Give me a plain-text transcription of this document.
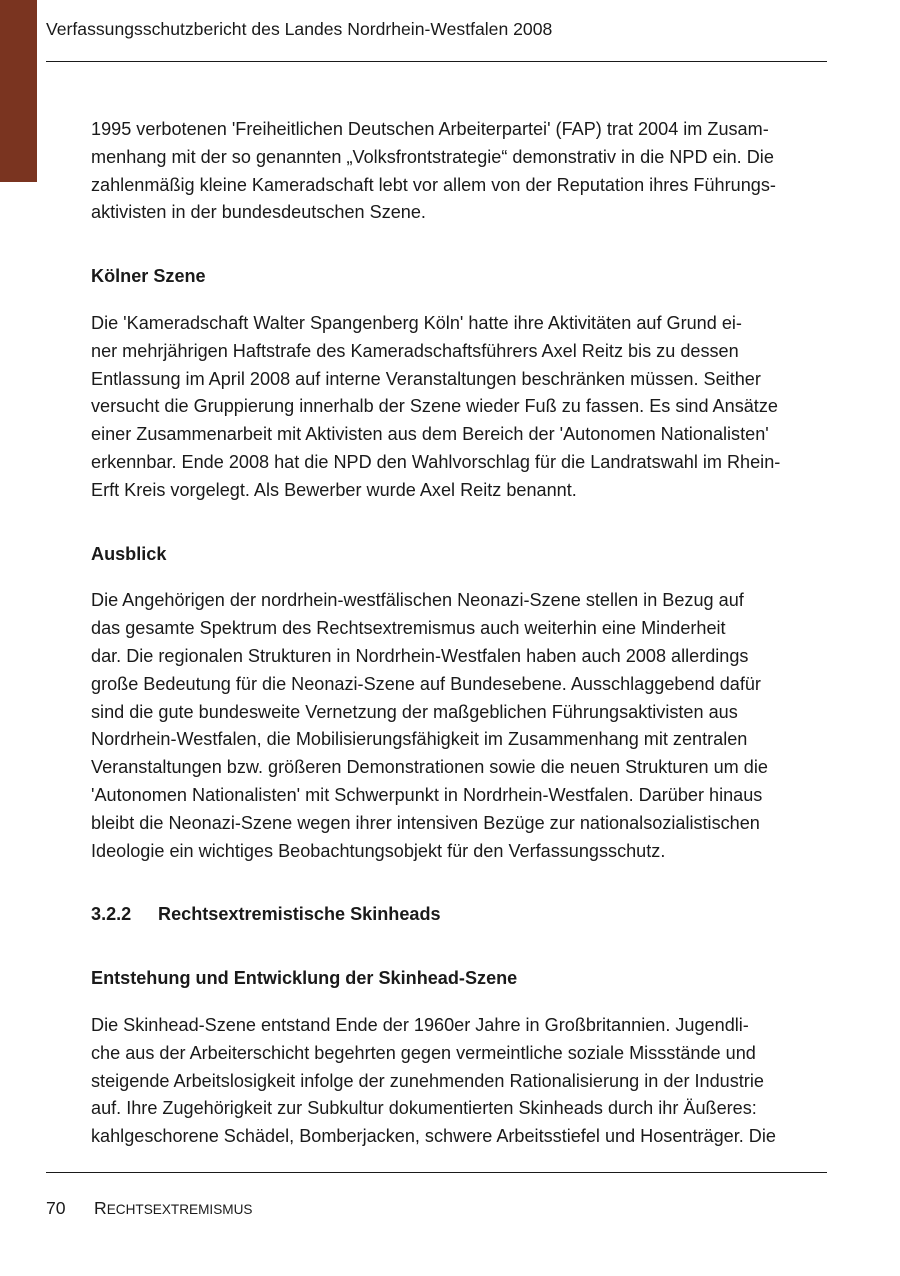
Verfassungsschutzbericht des Landes Nordrhein-Westfalen 2008
1995 verbotenen 'Freiheitlichen Deutschen Arbeiterpartei' (FAP) trat 2004 im Zusam-
menhang mit der so genannten „Volksfrontstrategie“ demonstrativ in die NPD ein. Die
zahlenmäßig kleine Kameradschaft lebt vor allem von der Reputation ihres Führungs-
aktivisten in der bundesdeutschen Szene.
Kölner Szene
Die 'Kameradschaft Walter Spangenberg Köln' hatte ihre Aktivitäten auf Grund ei-
ner mehrjährigen Haftstrafe des Kameradschaftsführers Axel Reitz bis zu dessen
Entlassung im April 2008 auf interne Veranstaltungen beschränken müssen. Seither
versucht die Gruppierung innerhalb der Szene wieder Fuß zu fassen. Es sind Ansätze
einer Zusammenarbeit mit Aktivisten aus dem Bereich der 'Autonomen Nationalisten'
erkennbar. Ende 2008 hat die NPD den Wahlvorschlag für die Landratswahl im Rhein-
Erft Kreis vorgelegt. Als Bewerber wurde Axel Reitz benannt.
Ausblick
Die Angehörigen der nordrhein-westfälischen Neonazi-Szene stellen in Bezug auf
das gesamte Spektrum des Rechtsextremismus auch weiterhin eine Minderheit
dar. Die regionalen Strukturen in Nordrhein-Westfalen haben auch 2008 allerdings
große Bedeutung für die Neonazi-Szene auf Bundesebene. Ausschlaggebend dafür
sind die gute bundesweite Vernetzung der maßgeblichen Führungsaktivisten aus
Nordrhein-Westfalen, die Mobilisierungsfähigkeit im Zusammenhang mit zentralen
Veranstaltungen bzw. größeren Demonstrationen sowie die neuen Strukturen um die
'Autonomen Nationalisten' mit Schwerpunkt in Nordrhein-Westfalen. Darüber hinaus
bleibt die Neonazi-Szene wegen ihrer intensiven Bezüge zur nationalsozialistischen
Ideologie ein wichtiges Beobachtungsobjekt für den Verfassungsschutz.
3.2.2 Rechtsextremistische Skinheads
Entstehung und Entwicklung der Skinhead-Szene
Die Skinhead-Szene entstand Ende der 1960er Jahre in Großbritannien. Jugendli-
che aus der Arbeiterschicht begehrten gegen vermeintliche soziale Missstände und
steigende Arbeitslosigkeit infolge der zunehmenden Rationalisierung in der Industrie
auf. Ihre Zugehörigkeit zur Subkultur dokumentierten Skinheads durch ihr Äußeres:
kahlgeschorene Schädel, Bomberjacken, schwere Arbeitsstiefel und Hosenträger. Die
70 RECHTSEXTREMISMUS
